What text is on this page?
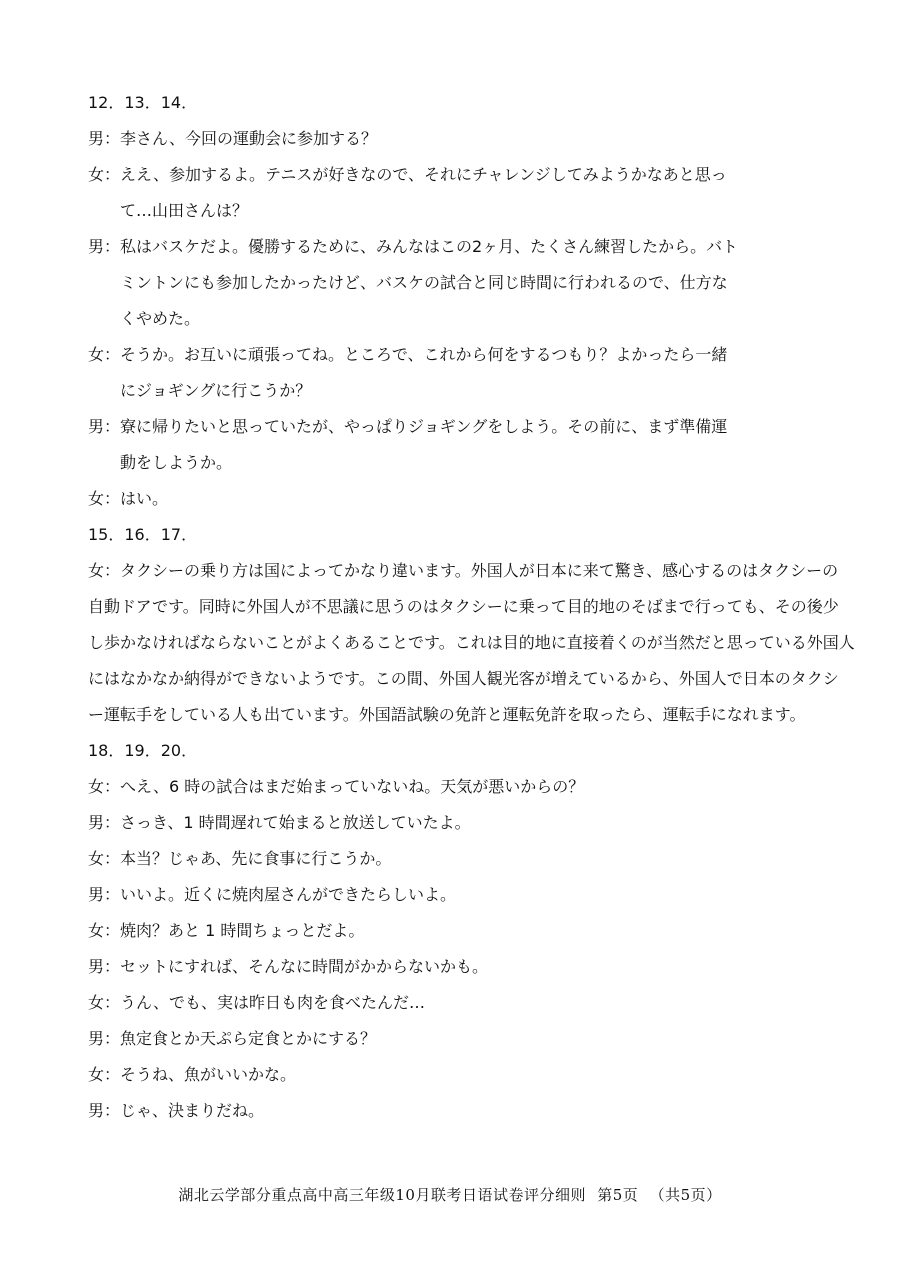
12．13．14．
男：李さん、今回の運動会に参加する？
女：ええ、参加するよ。テニスが好きなので、それにチャレンジしてみようかなあと思っ
て…山田さんは？
男：私はバスケだよ。優勝するために、みんなはこの2ヶ月、たくさん練習したから。バト
ミントンにも参加したかったけど、バスケの試合と同じ時間に行われるので、仕方な
くやめた。
女：そうか。お互いに頑張ってね。ところで、これから何をするつもり？よかったら一緒
にジョギングに行こうか？
男：寮に帰りたいと思っていたが、やっぱりジョギングをしよう。その前に、まず準備運
動をしようか。
女：はい。
15．16．17．
女：タクシーの乗り方は国によってかなり違います。外国人が日本に来て驚き、感心するのはタクシーの
自動ドアです。同時に外国人が不思議に思うのはタクシーに乗って目的地のそばまで行っても、その後少
し歩かなければならないことがよくあることです。これは目的地に直接着くのが当然だと思っている外国人
にはなかなか納得ができないようです。この間、外国人観光客が増えているから、外国人で日本のタクシ
ー運転手をしている人も出ています。外国語試験の免許と運転免許を取ったら、運転手になれます。
18．19．20．
女：へえ、6 時の試合はまだ始まっていないね。天気が悪いからの？
男：さっき、1 時間遅れて始まると放送していたよ。
女：本当？じゃあ、先に食事に行こうか。
男：いいよ。近くに焼肉屋さんができたらしいよ。
女：焼肉？あと 1 時間ちょっとだよ。
男：セットにすれば、そんなに時間がかからないかも。
女：うん、でも、実は昨日も肉を食べたんだ…
男：魚定食とか天ぷら定食とかにする？
女：そうね、魚がいいかな。
男：じゃ、決まりだね。
湖北云学部分重点高中高三年级10月联考日语试卷评分细则 第5页 （共5页）
